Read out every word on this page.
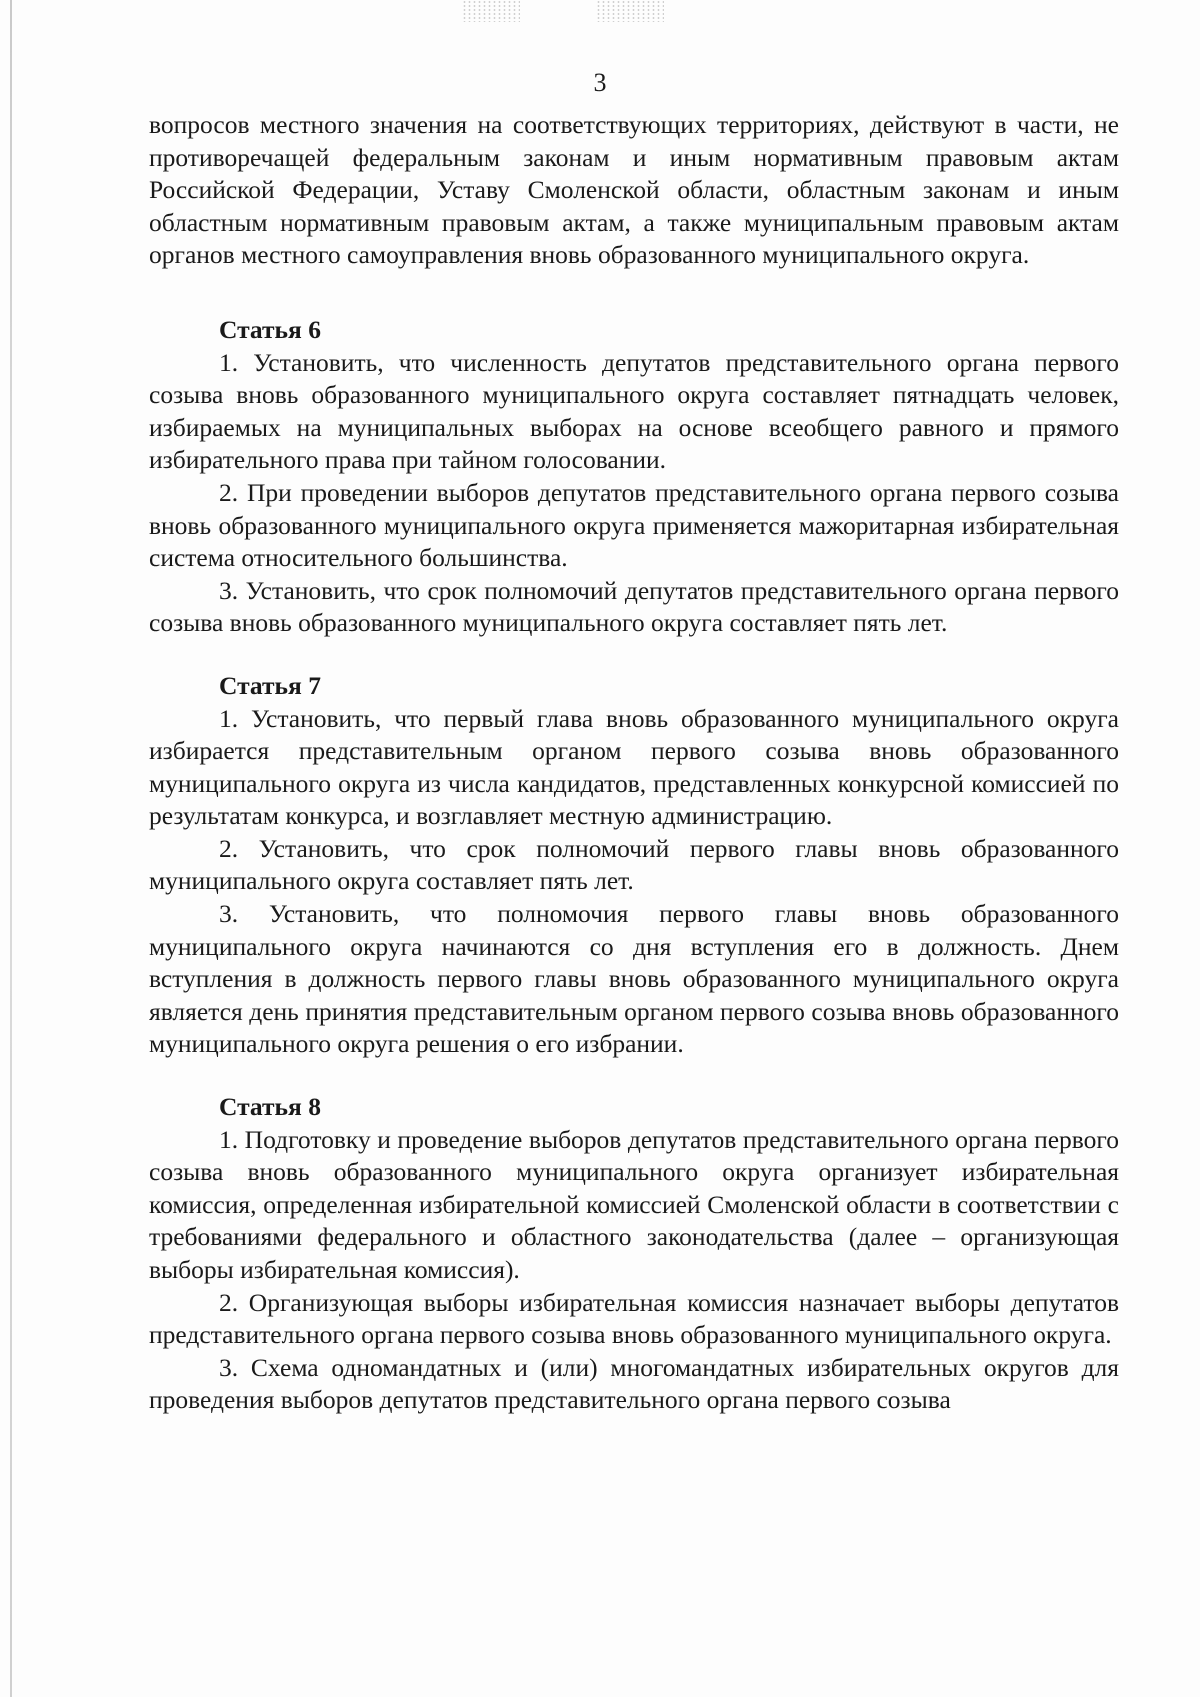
3

вопросов местного значения на соответствующих территориях, действуют в части, не противоречащей федеральным законам и иным нормативным правовым актам Российской Федерации, Уставу Смоленской области, областным законам и иным областным нормативным правовым актам, а также муниципальным правовым актам органов местного самоуправления вновь образованного муниципального округа.

Статья 6

1. Установить, что численность депутатов представительного органа первого созыва вновь образованного муниципального округа составляет пятнадцать человек, избираемых на муниципальных выборах на основе всеобщего равного и прямого избирательного права при тайном голосовании.

2. При проведении выборов депутатов представительного органа первого созыва вновь образованного муниципального округа применяется мажоритарная избирательная система относительного большинства.

3. Установить, что срок полномочий депутатов представительного органа первого созыва вновь образованного муниципального округа составляет пять лет.

Статья 7

1. Установить, что первый глава вновь образованного муниципального округа избирается представительным органом первого созыва вновь образованного муниципального округа из числа кандидатов, представленных конкурсной комиссией по результатам конкурса, и возглавляет местную администрацию.

2. Установить, что срок полномочий первого главы вновь образованного муниципального округа составляет пять лет.

3. Установить, что полномочия первого главы вновь образованного муниципального округа начинаются со дня вступления его в должность. Днем вступления в должность первого главы вновь образованного муниципального округа является день принятия представительным органом первого созыва вновь образованного муниципального округа решения о его избрании.

Статья 8

1. Подготовку и проведение выборов депутатов представительного органа первого созыва вновь образованного муниципального округа организует избирательная комиссия, определенная избирательной комиссией Смоленской области в соответствии с требованиями федерального и областного законодательства (далее – организующая выборы избирательная комиссия).

2. Организующая выборы избирательная комиссия назначает выборы депутатов представительного органа первого созыва вновь образованного муниципального округа.

3. Схема одномандатных и (или) многомандатных избирательных округов для проведения выборов депутатов представительного органа первого созыва
